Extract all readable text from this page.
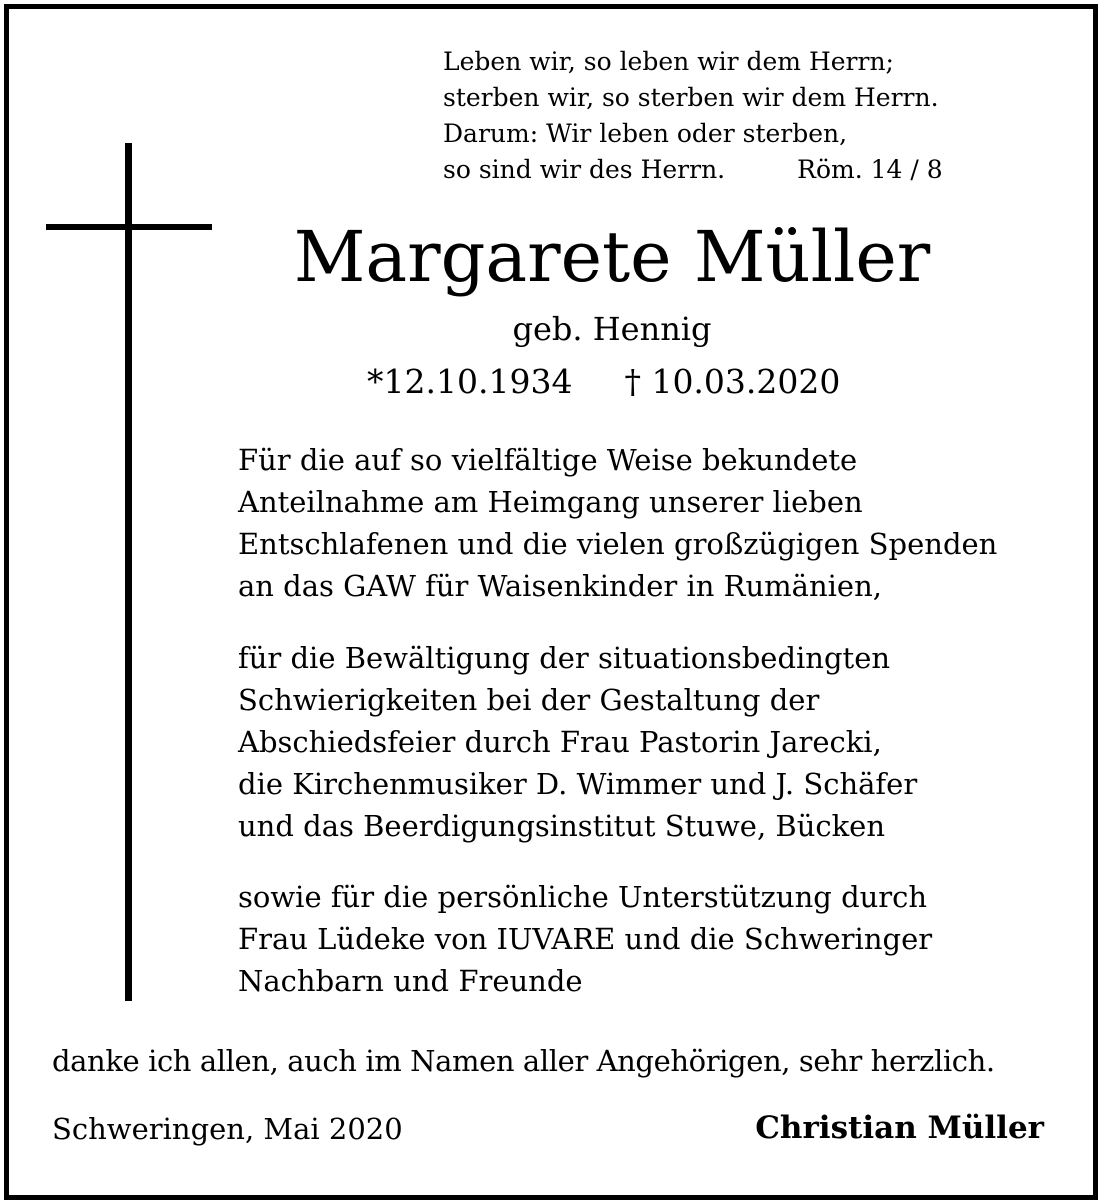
Leben wir, so leben wir dem Herrn;
sterben wir, so sterben wir dem Herrn.
Darum: Wir leben oder sterben,
so sind wir des Herrn.	Röm. 14 / 8
Margarete Müller
geb. Hennig
*12.10.1934 † 10.03.2020
Für die auf so vielfältige Weise bekundete
Anteilnahme am Heimgang unserer lieben
Entschlafenen und die vielen großzügigen Spenden
an das GAW für Waisenkinder in Rumänien,
für die Bewältigung der situationsbedingten
Schwierigkeiten bei der Gestaltung der
Abschiedsfeier durch Frau Pastorin Jarecki,
die Kirchenmusiker D. Wimmer und J. Schäfer
und das Beerdigungsinstitut Stuwe, Bücken
sowie für die persönliche Unterstützung durch
Frau Lüdeke von IUVARE und die Schweringer
Nachbarn und Freunde
danke ich allen, auch im Namen aller Angehörigen, sehr herzlich.
Schweringen, Mai 2020	Christian Müller
